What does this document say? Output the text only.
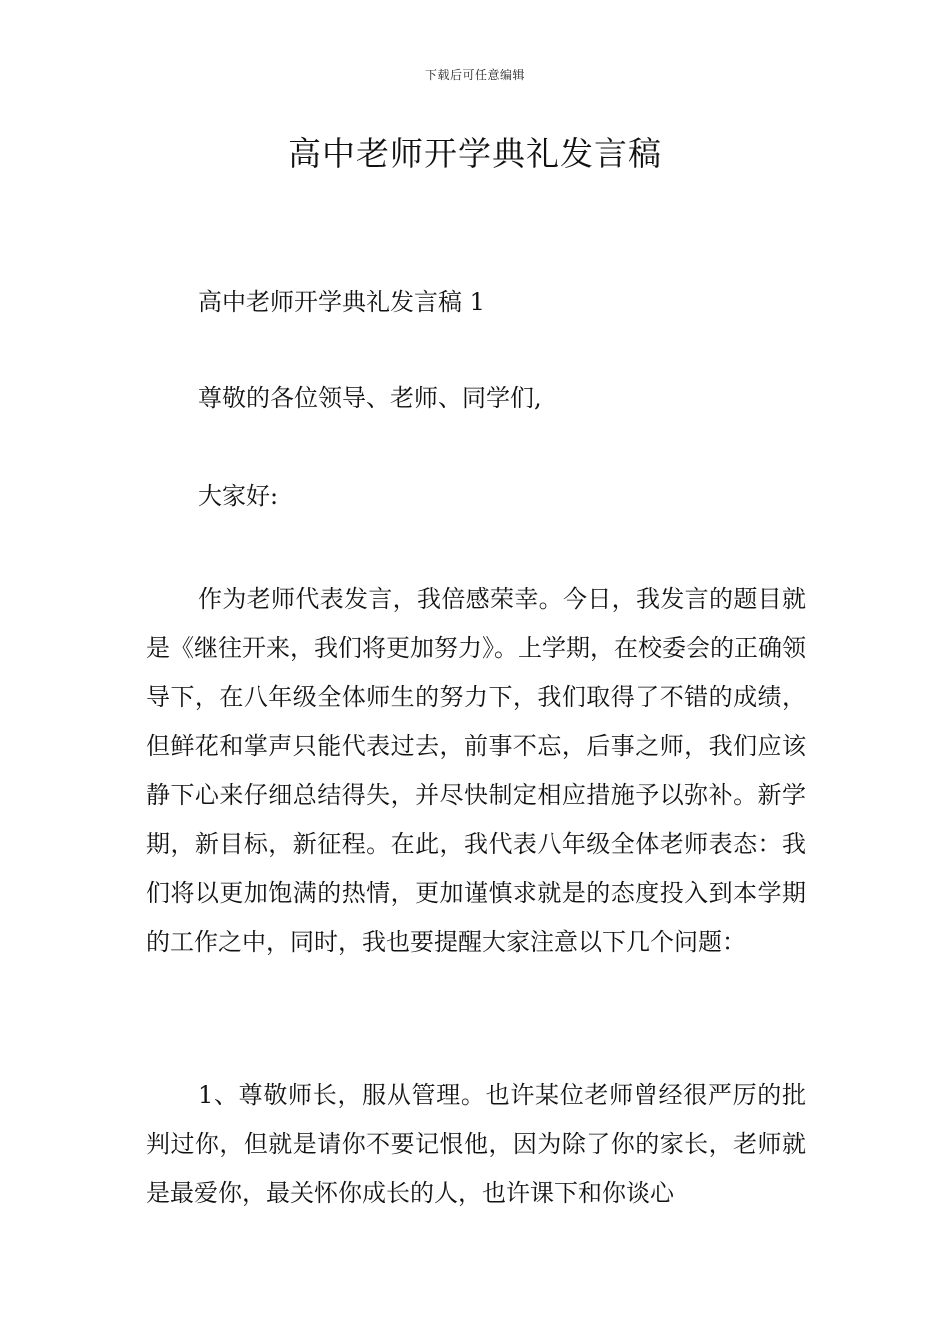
下载后可任意编辑
高中老师开学典礼发言稿

高中老师开学典礼发言稿 1

尊敬的各位领导、老师、同学们,

大家好:

作为老师代表发言，我倍感荣幸。今日，我发言的题目就是《继往开来，我们将更加努力》。上学期，在校委会的正确领导下，在八年级全体师生的努力下，我们取得了不错的成绩，但鲜花和掌声只能代表过去，前事不忘，后事之师，我们应该静下心来仔细总结得失，并尽快制定相应措施予以弥补。新学期，新目标，新征程。在此，我代表八年级全体老师表态：我们将以更加饱满的热情，更加谨慎求就是的态度投入到本学期的工作之中，同时，我也要提醒大家注意以下几个问题：

1、尊敬师长，服从管理。也许某位老师曾经很严厉的批判过你，但就是请你不要记恨他，因为除了你的家长，老师就是最爱你，最关怀你成长的人，也许课下和你谈心
